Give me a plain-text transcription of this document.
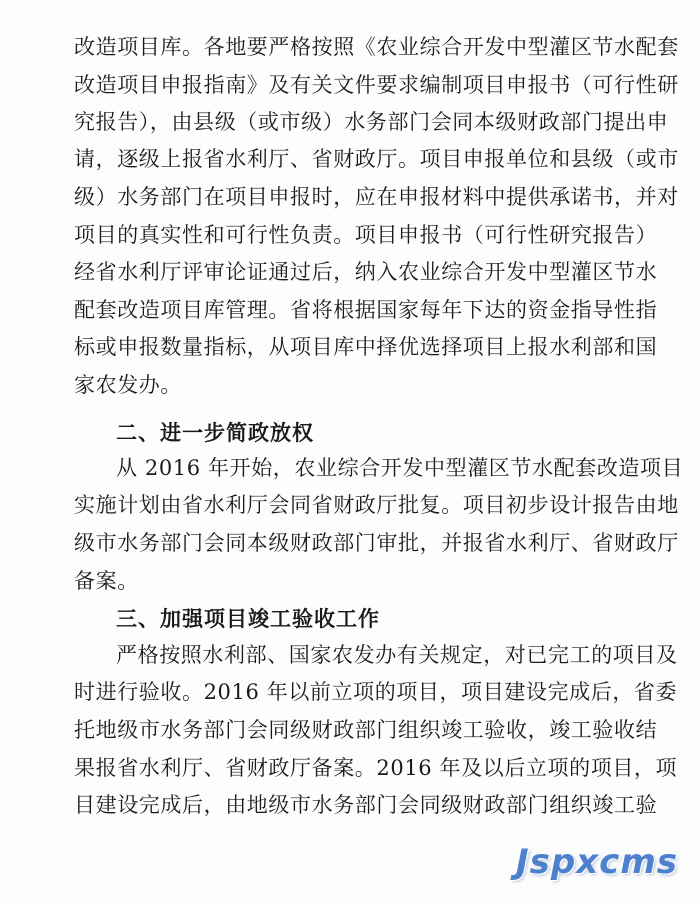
改造项目库。各地要严格按照《农业综合开发中型灌区节水配套
改造项目申报指南》及有关文件要求编制项目申报书（可行性研
究报告），由县级（或市级）水务部门会同本级财政部门提出申
请，逐级上报省水利厅、省财政厅。项目申报单位和县级（或市
级）水务部门在项目申报时，应在申报材料中提供承诺书，并对
项目的真实性和可行性负责。项目申报书（可行性研究报告）
经省水利厅评审论证通过后，纳入农业综合开发中型灌区节水
配套改造项目库管理。省将根据国家每年下达的资金指导性指
标或申报数量指标，从项目库中择优选择项目上报水利部和国
家农发办。
二、进一步简政放权
从 2016 年开始，农业综合开发中型灌区节水配套改造项目
实施计划由省水利厅会同省财政厅批复。项目初步设计报告由地
级市水务部门会同本级财政部门审批，并报省水利厅、省财政厅
备案。
三、加强项目竣工验收工作
严格按照水利部、国家农发办有关规定，对已完工的项目及
时进行验收。2016 年以前立项的项目，项目建设完成后，省委
托地级市水务部门会同级财政部门组织竣工验收，竣工验收结
果报省水利厅、省财政厅备案。2016 年及以后立项的项目，项
目建设完成后，由地级市水务部门会同级财政部门组织竣工验
Jspxcms
